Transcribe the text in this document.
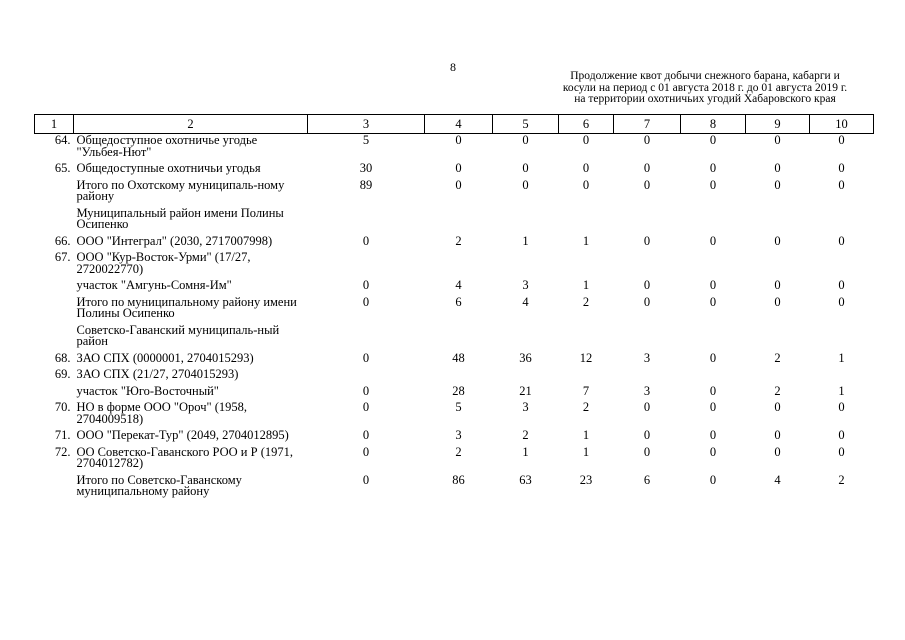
8
Продолжение квот добычи снежного барана, кабарги и
косули на период с 01 августа 2018 г. до 01 августа 2019 г.
на территории охотничьих угодий Хабаровского края
1	2	3	4	5	6	7	8	9	10
64.	Общедоступное охотничье угодье "Ульбея-Нют"	5	0	0	0	0	0	0	0
65.	Общедоступные охотничьи угодья	30	0	0	0	0	0	0	0
	Итого по Охотскому муниципаль-ному району	89	0	0	0	0	0	0	0
	Муниципальный район имени Полины Осипенко								
66.	ООО "Интеграл" (2030, 2717007998)	0	2	1	1	0	0	0	0
67.	ООО "Кур-Восток-Урми" (17/27, 2720022770)								
	участок "Амгунь-Сомня-Им"	0	4	3	1	0	0	0	0
	Итого по муниципальному району имени Полины Осипенко	0	6	4	2	0	0	0	0
	Советско-Гаванский муниципаль-ный район								
68.	ЗАО СПХ (0000001, 2704015293)	0	48	36	12	3	0	2	1
69.	ЗАО СПХ (21/27, 2704015293)								
	участок "Юго-Восточный"	0	28	21	7	3	0	2	1
70.	НО в форме ООО "Ороч" (1958, 2704009518)	0	5	3	2	0	0	0	0
71.	ООО "Перекат-Тур" (2049, 2704012895)	0	3	2	1	0	0	0	0
72.	ОО Советско-Гаванского РОО и Р (1971, 2704012782)	0	2	1	1	0	0	0	0
	Итого по Советско-Гаванскому муниципальному району	0	86	63	23	6	0	4	2
